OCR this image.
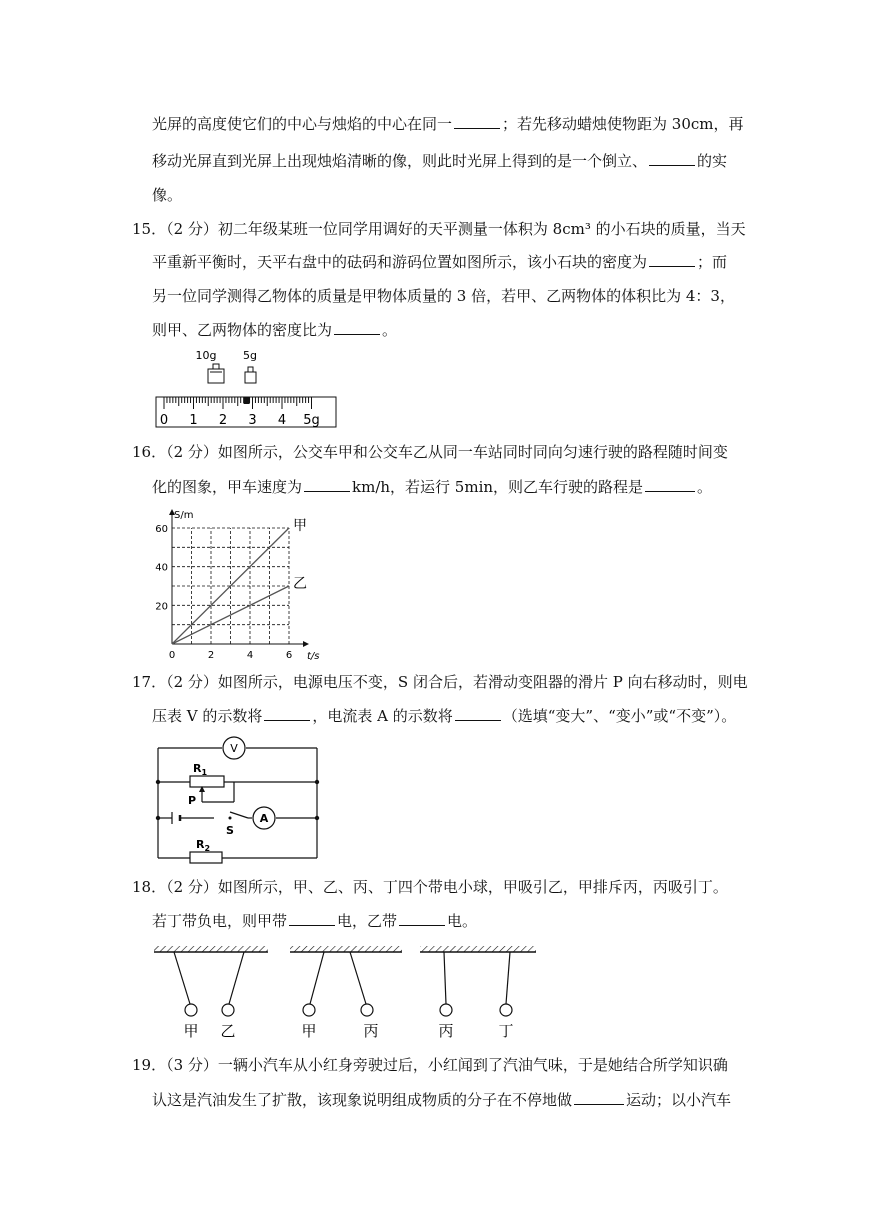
光屏的高度使它们的中心与烛焰的中心在同一	；若先移动蜡烛使物距为 30cm，再
移动光屏直到光屏上出现烛焰清晰的像，则此时光屏上得到的是一个倒立、	的实
像。
15．（2 分）初二年级某班一位同学用调好的天平测量一体积为 8cm³ 的小石块的质量，当天
平重新平衡时，天平右盘中的砝码和游码位置如图所示，该小石块的密度为	；而
另一位同学测得乙物体的质量是甲物体质量的 3 倍，若甲、乙两物体的体积比为 4：3，
则甲、乙两物体的密度比为	。
10g 5g
0 1 2 3 4 5g
16．（2 分）如图所示，公交车甲和公交车乙从同一车站同时同向匀速行驶的路程随时间变
化的图象，甲车速度为	km/h，若运行 5min，则乙车行驶的路程是	。
S/m
t/s
0	2	4	6
20
40
60	甲
乙
17．（2 分）如图所示，电源电压不变，S 闭合后，若滑动变阻器的滑片 P 向右移动时，则电
压表 V 的示数将	，电流表 A 的示数将	（选填“变大”、“变小”或“不变”）。
V
$R_1$
P
S
A
$R_2$
18．（2 分）如图所示，甲、乙、丙、丁四个带电小球，甲吸引乙，甲排斥丙，丙吸引丁。
若丁带负电，则甲带	电，乙带	电。
甲 乙	甲	丙	丙	丁
19．（3 分）一辆小汽车从小红身旁驶过后，小红闻到了汽油气味，于是她结合所学知识确
认这是汽油发生了扩散，该现象说明组成物质的分子在不停地做	运动；以小汽车
